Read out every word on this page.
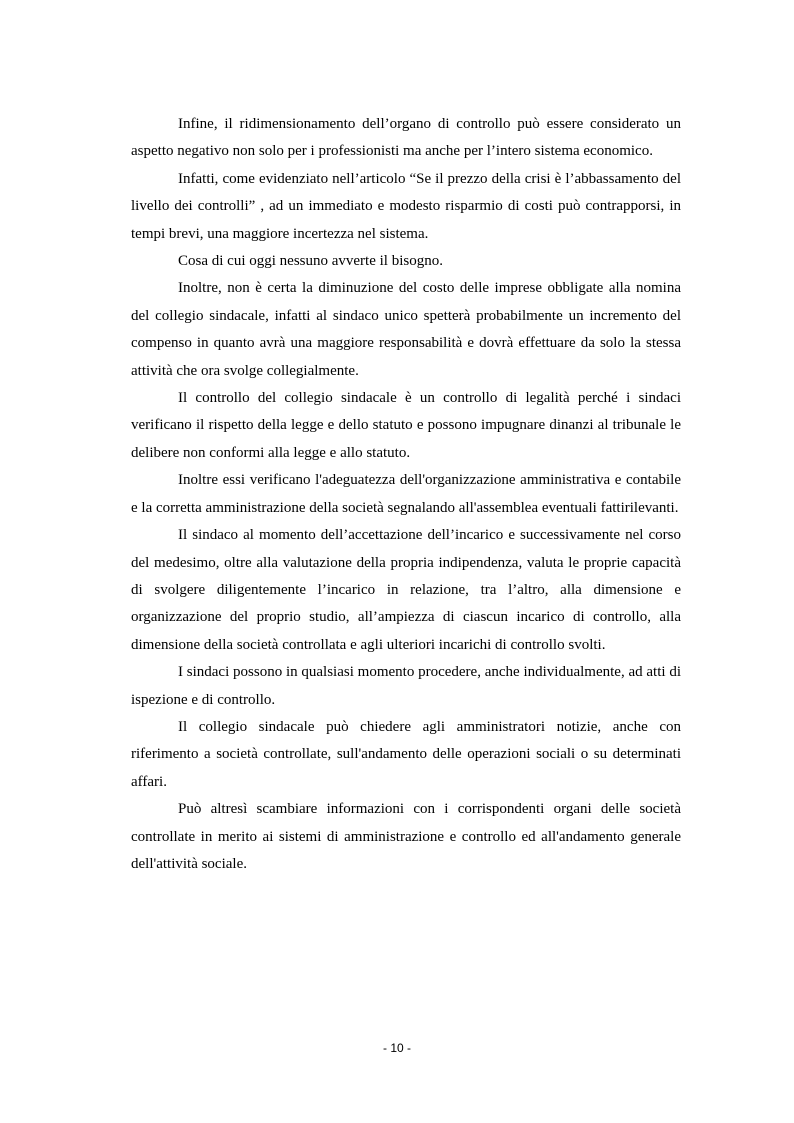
Infine, il ridimensionamento dell’organo di controllo può essere considerato un aspetto negativo non solo per i professionisti ma anche per l’intero sistema economico.

Infatti, come evidenziato nell’articolo “Se il prezzo della crisi è l’abbassamento del livello dei controlli” , ad un immediato e modesto risparmio di costi può contrapporsi, in tempi brevi, una maggiore incertezza nel sistema.

Cosa di cui oggi nessuno avverte il bisogno.

Inoltre, non è certa la diminuzione del costo delle imprese obbligate alla nomina del collegio sindacale, infatti al sindaco unico spetterà probabilmente un incremento del compenso in quanto avrà una maggiore responsabilità e dovrà effettuare da solo la stessa attività che ora svolge collegialmente.

Il controllo del collegio sindacale è un controllo di legalità perché i sindaci verificano il rispetto della legge e dello statuto e possono impugnare dinanzi al tribunale le delibere non conformi alla legge e allo statuto.

Inoltre essi verificano l'adeguatezza dell'organizzazione amministrativa e contabile e la corretta amministrazione della società segnalando all'assemblea eventuali fattirilevanti.

Il sindaco al momento dell’accettazione dell’incarico e successivamente nel corso del medesimo, oltre alla valutazione della propria indipendenza, valuta le proprie capacità di svolgere diligentemente l’incarico in relazione, tra l’altro, alla dimensione e organizzazione del proprio studio, all’ampiezza di ciascun incarico di controllo, alla dimensione della società controllata e agli ulteriori incarichi di controllo svolti.

I sindaci possono in qualsiasi momento procedere, anche individualmente, ad atti di ispezione e di controllo.

Il collegio sindacale può chiedere agli amministratori notizie, anche con riferimento a società controllate, sull'andamento delle operazioni sociali o su determinati affari.

Può altresì scambiare informazioni con i corrispondenti organi delle società controllate in merito ai sistemi di amministrazione e controllo ed all'andamento generale dell'attività sociale.

- 10 -
